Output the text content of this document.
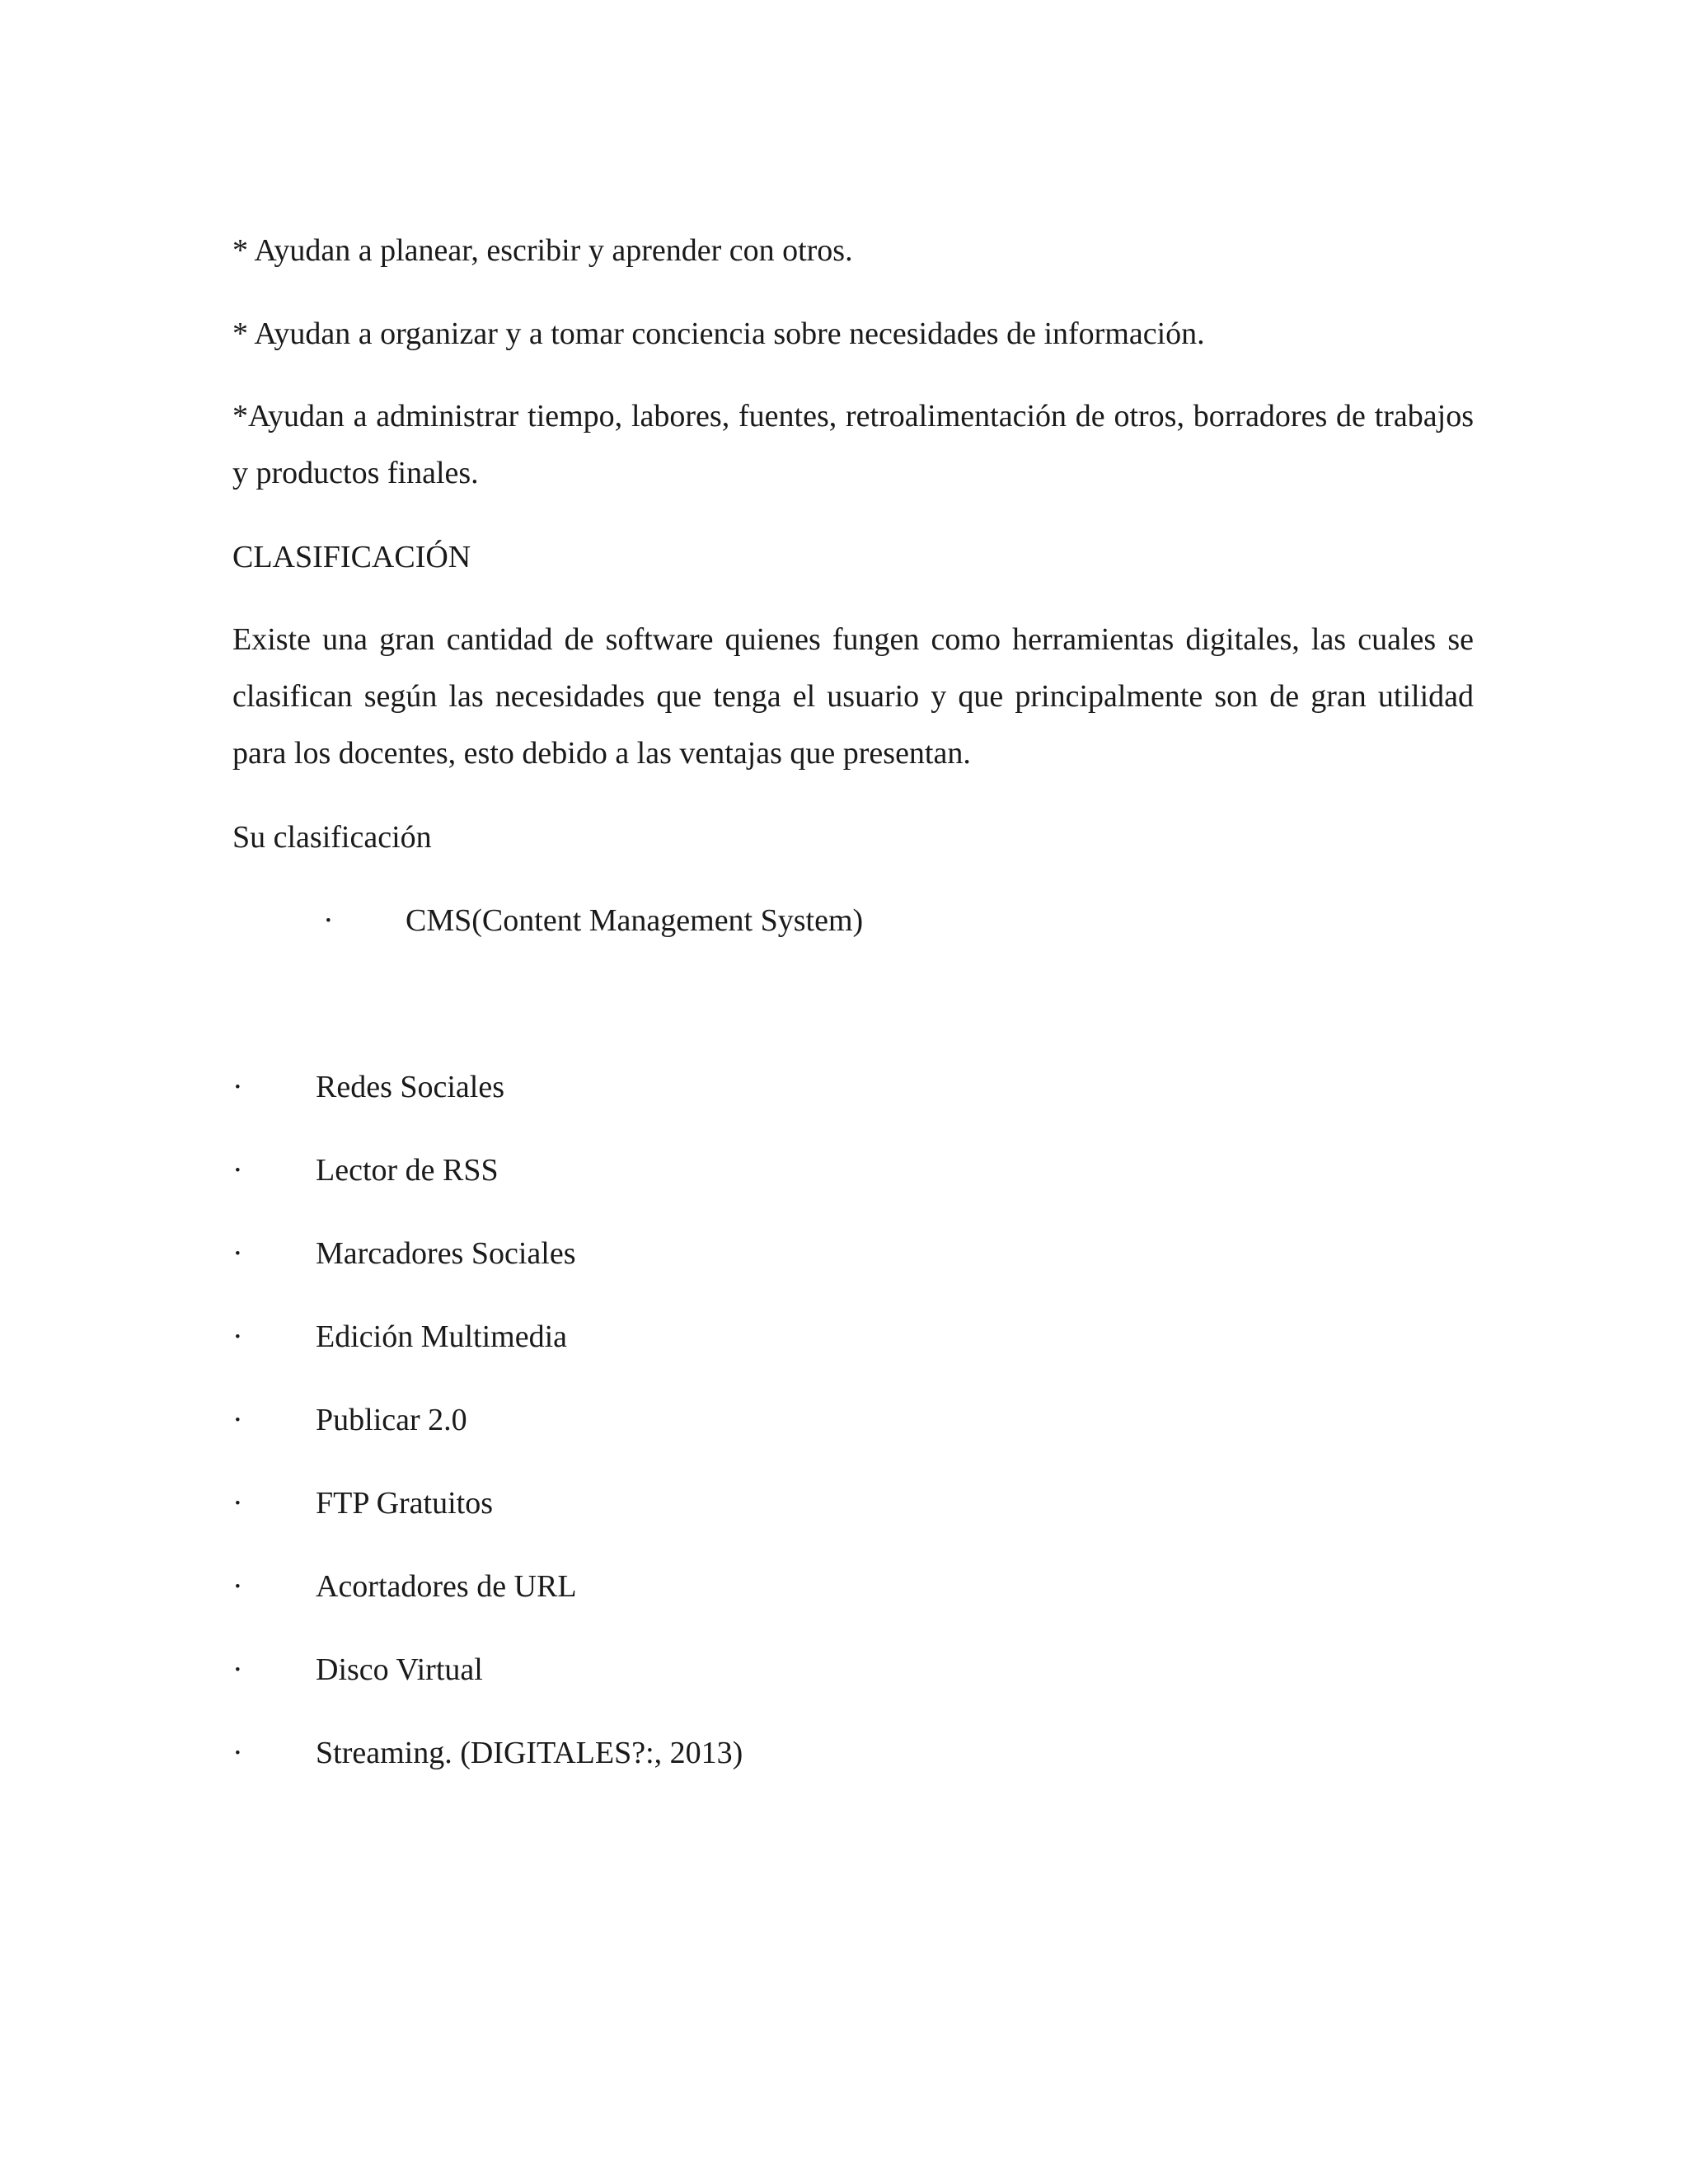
* Ayudan a planear, escribir y aprender con otros.
* Ayudan a organizar y a tomar conciencia sobre necesidades de información.
*Ayudan a administrar tiempo, labores, fuentes, retroalimentación de otros, borradores de trabajos y productos finales.
CLASIFICACIÓN
Existe una gran cantidad de software quienes fungen como herramientas digitales, las cuales se clasifican según las necesidades que tenga el usuario y que principalmente son de gran utilidad para los docentes, esto debido a las ventajas que presentan.
Su clasificación
· CMS(Content Management System)
· Redes Sociales
· Lector de RSS
· Marcadores Sociales
· Edición Multimedia
· Publicar 2.0
· FTP Gratuitos
· Acortadores de URL
· Disco Virtual
· Streaming. (DIGITALES?:, 2013)
